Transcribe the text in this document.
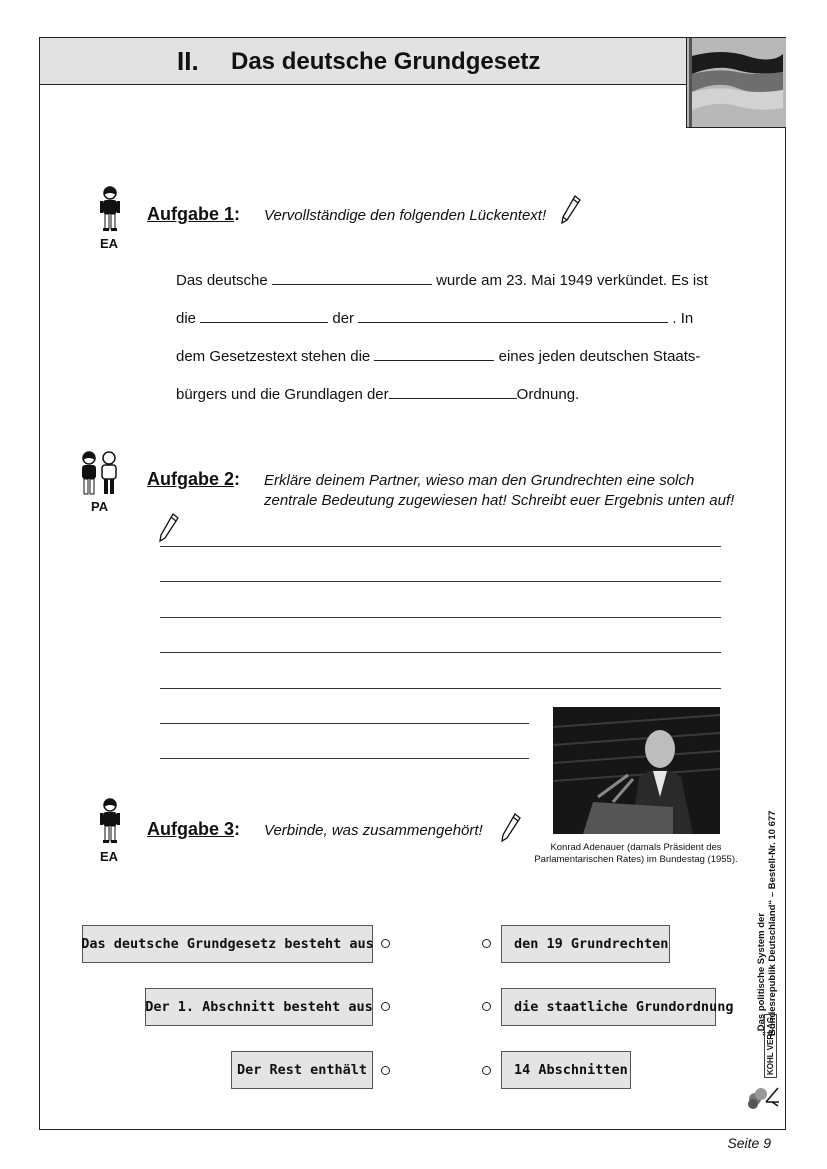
II. Das deutsche Grundgesetz
EA
Aufgabe 1: Vervollständige den folgenden Lückentext!
Das deutsche	wurde am 23. Mai 1949 verkündet. Es ist
die	der	. In
dem Gesetzestext stehen die	eines jeden deutschen Staats-
bürgers und die Grundlagen der	Ordnung.
PA
Aufgabe 2: Erkläre deinem Partner, wieso man den Grundrechten eine solch
zentrale Bedeutung zugewiesen hat! Schreibt euer Ergebnis unten auf!
Konrad Adenauer (damals Präsident des
Parlamentarischen Rates) im Bundestag (1955).
EA
Aufgabe 3: Verbinde, was zusammengehört!
Das deutsche Grundgesetz besteht aus
Der 1. Abschnitt besteht aus
Der Rest enthält
den 19 Grundrechten
die staatliche Grundordnung
14 Abschnitten
„Das politische System der Bundesrepublik Deutschland“ – Bestell-Nr. 10 677
KOHL VERLAG
Seite 9
